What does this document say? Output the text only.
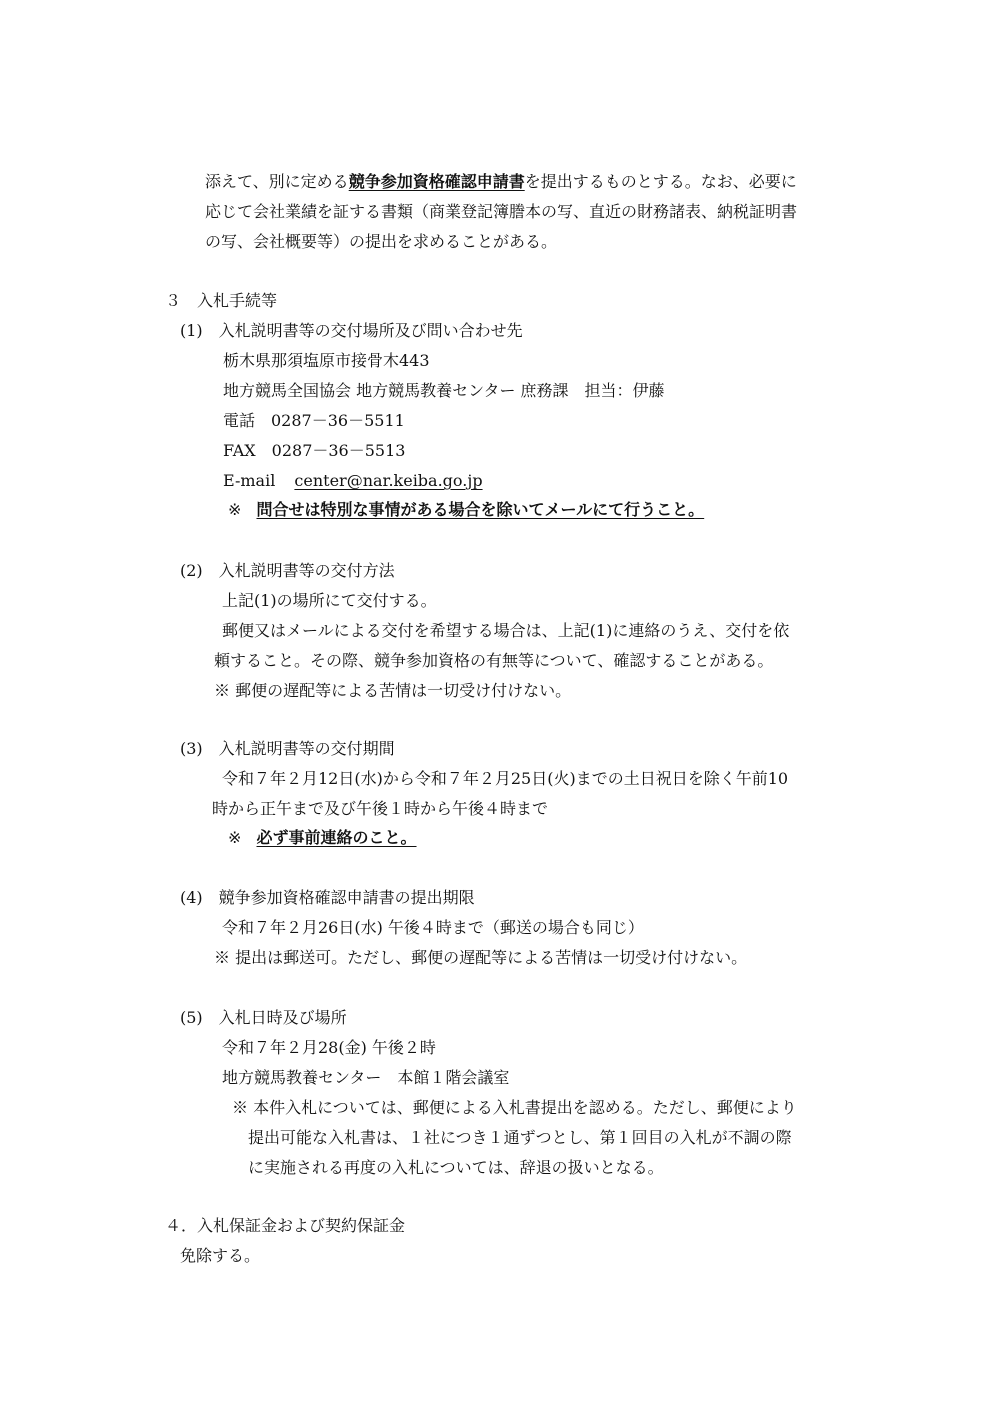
添えて、別に定める競争参加資格確認申請書を提出するものとする。なお、必要に
応じて会社業績を証する書類（商業登記簿謄本の写、直近の財務諸表、納税証明書
の写、会社概要等）の提出を求めることがある。
３　入札手続等
(1)　入札説明書等の交付場所及び問い合わせ先
栃木県那須塩原市接骨木443
地方競馬全国協会 地方競馬教養センター 庶務課　担当：伊藤
電話　0287－36－5511
FAX　0287－36－5513
E-mail center@nar.keiba.go.jp
※ 問合せは特別な事情がある場合を除いてメールにて行うこと。
(2)　入札説明書等の交付方法
上記(1)の場所にて交付する。
郵便又はメールによる交付を希望する場合は、上記(1)に連絡のうえ、交付を依
頼すること。その際、競争参加資格の有無等について、確認することがある。
※ 郵便の遅配等による苦情は一切受け付けない。
(3)　入札説明書等の交付期間
令和７年２月12日(水)から令和７年２月25日(火)までの土日祝日を除く午前10
時から正午まで及び午後１時から午後４時まで
※ 必ず事前連絡のこと。
(4)　競争参加資格確認申請書の提出期限
令和７年２月26日(水) 午後４時まで（郵送の場合も同じ）
※ 提出は郵送可。ただし、郵便の遅配等による苦情は一切受け付けない。
(5)　入札日時及び場所
令和７年２月28(金) 午後２時
地方競馬教養センター　本館１階会議室
※ 本件入札については、郵便による入札書提出を認める。ただし、郵便により
提出可能な入札書は、１社につき１通ずつとし、第１回目の入札が不調の際
に実施される再度の入札については、辞退の扱いとなる。
４．入札保証金および契約保証金
免除する。
